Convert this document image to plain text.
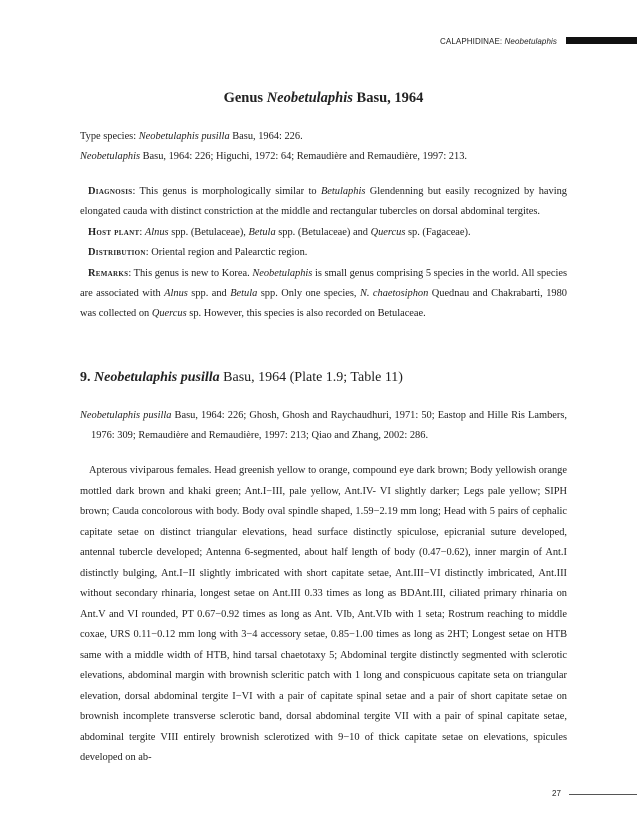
CALAPHIDINAE: Neobetulaphis
Genus Neobetulaphis Basu, 1964
Type species: Neobetulaphis pusilla Basu, 1964: 226.
Neobetulaphis Basu, 1964: 226; Higuchi, 1972: 64; Remaudière and Remaudière, 1997: 213.

Diagnosis: This genus is morphologically similar to Betulaphis Glendenning but easily recognized by having elongated cauda with distinct constriction at the middle and rectangular tubercles on dorsal abdominal tergites.

Host plant: Alnus spp. (Betulaceae), Betula spp. (Betulaceae) and Quercus sp. (Fagaceae).

Distribution: Oriental region and Palearctic region.

Remarks: This genus is new to Korea. Neobetulaphis is small genus comprising 5 species in the world. All species are associated with Alnus spp. and Betula spp. Only one species, N. chaetosiphon Quednau and Chakrabarti, 1980 was collected on Quercus sp. However, this species is also recorded on Betulaceae.

9. Neobetulaphis pusilla Basu, 1964 (Plate 1.9; Table 11)

Neobetulaphis pusilla Basu, 1964: 226; Ghosh, Ghosh and Raychaudhuri, 1971: 50; Eastop and Hille Ris Lambers, 1976: 309; Remaudière and Remaudière, 1997: 213; Qiao and Zhang, 2002: 286.

Apterous viviparous females. Head greenish yellow to orange, compound eye dark brown; Body yellowish orange mottled dark brown and khaki green; Ant.I−III, pale yellow, Ant.IV- VI slightly darker; Legs pale yellow; SIPH brown; Cauda concolorous with body. Body oval spindle shaped, 1.59−2.19 mm long; Head with 5 pairs of cephalic capitate setae on distinct triangular elevations, head surface distinctly spiculose, epicranial suture developed, antennal tubercle developed; Antenna 6-segmented, about half length of body (0.47−0.62), inner margin of Ant.I distinctly bulging, Ant.I−II slightly imbricated with short capitate setae, Ant.III−VI distinctly imbricated, Ant.III without secondary rhinaria, longest setae on Ant.III 0.33 times as long as BDAnt.III, ciliated primary rhinaria on Ant.V and VI rounded, PT 0.67−0.92 times as long as Ant. VIb, Ant.VIb with 1 seta; Rostrum reaching to middle coxae, URS 0.11−0.12 mm long with 3−4 accessory setae, 0.85−1.00 times as long as 2HT; Longest setae on HTB same with a middle width of HTB, hind tarsal chaetotaxy 5; Abdominal tergite distinctly segmented with sclerotic elevations, abdominal margin with brownish scleritic patch with 1 long and conspicuous capitate seta on triangular elevation, dorsal abdominal tergite I−VI with a pair of capitate spinal setae and a pair of short capitate setae on brownish incomplete transverse sclerotic band, dorsal abdominal tergite VII with a pair of spinal capitate setae, abdominal tergite VIII entirely brownish sclerotized with 9−10 of thick capitate setae on elevations, spicules developed on ab-

27
